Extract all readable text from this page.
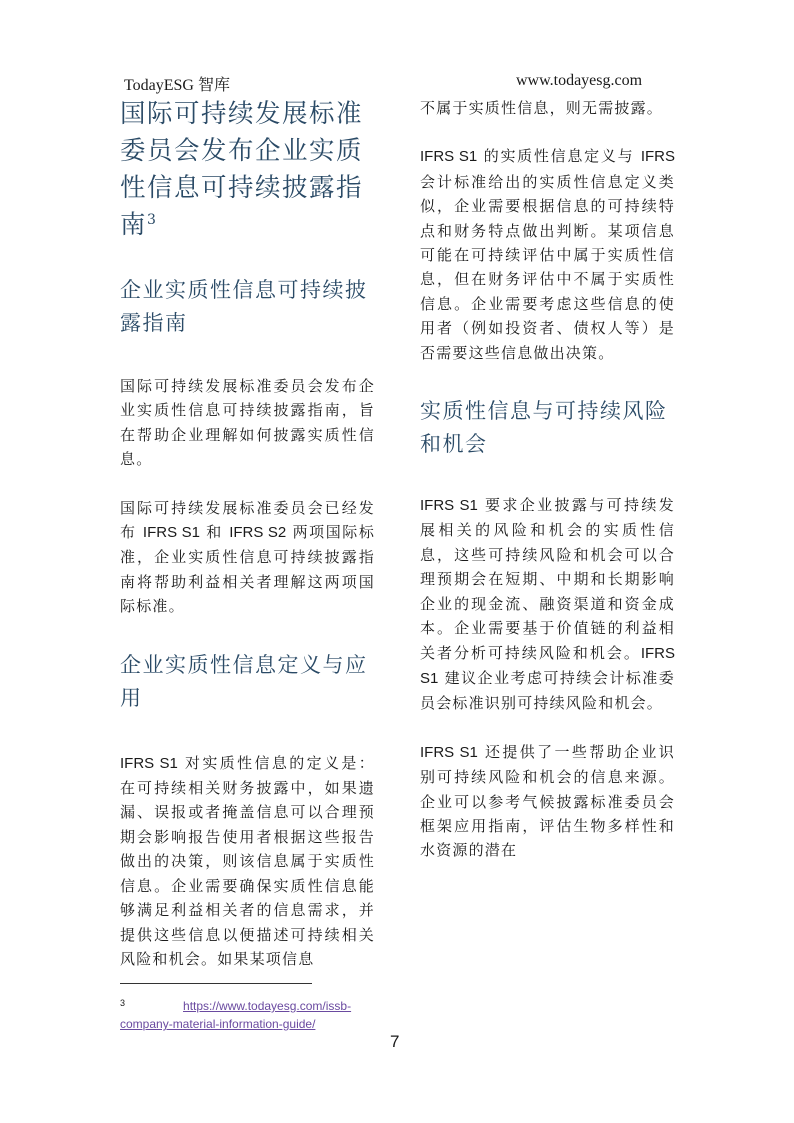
TodayESG 智库	www.todayesg.com
国际可持续发展标准委员会发布企业实质性信息可持续披露指南$^3$
企业实质性信息可持续披露指南

国际可持续发展标准委员会发布企业实质性信息可持续披露指南，旨在帮助企业理解如何披露实质性信息。

国际可持续发展标准委员会已经发布 IFRS S1 和 IFRS S2 两项国际标准，企业实质性信息可持续披露指南将帮助利益相关者理解这两项国际标准。

企业实质性信息定义与应用

IFRS S1 对实质性信息的定义是：在可持续相关财务披露中，如果遗漏、误报或者掩盖信息可以合理预期会影响报告使用者根据这些报告做出的决策，则该信息属于实质性信息。企业需要确保实质性信息能够满足利益相关者的信息需求，并提供这些信息以便描述可持续相关风险和机会。如果某项信息

不属于实质性信息，则无需披露。

IFRS S1 的实质性信息定义与 IFRS 会计标准给出的实质性信息定义类似，企业需要根据信息的可持续特点和财务特点做出判断。某项信息可能在可持续评估中属于实质性信息，但在财务评估中不属于实质性信息。企业需要考虑这些信息的使用者（例如投资者、债权人等）是否需要这些信息做出决策。

实质性信息与可持续风险和机会

IFRS S1 要求企业披露与可持续发展相关的风险和机会的实质性信息，这些可持续风险和机会可以合理预期会在短期、中期和长期影响企业的现金流、融资渠道和资金成本。企业需要基于价值链的利益相关者分析可持续风险和机会。IFRS S1 建议企业考虑可持续会计标准委员会标准识别可持续风险和机会。

IFRS S1 还提供了一些帮助企业识别可持续风险和机会的信息来源。企业可以参考气候披露标准委员会框架应用指南，评估生物多样性和水资源的潜在

$^3$	https://www.todayesg.com/issb-company-material-information-guide/
7
